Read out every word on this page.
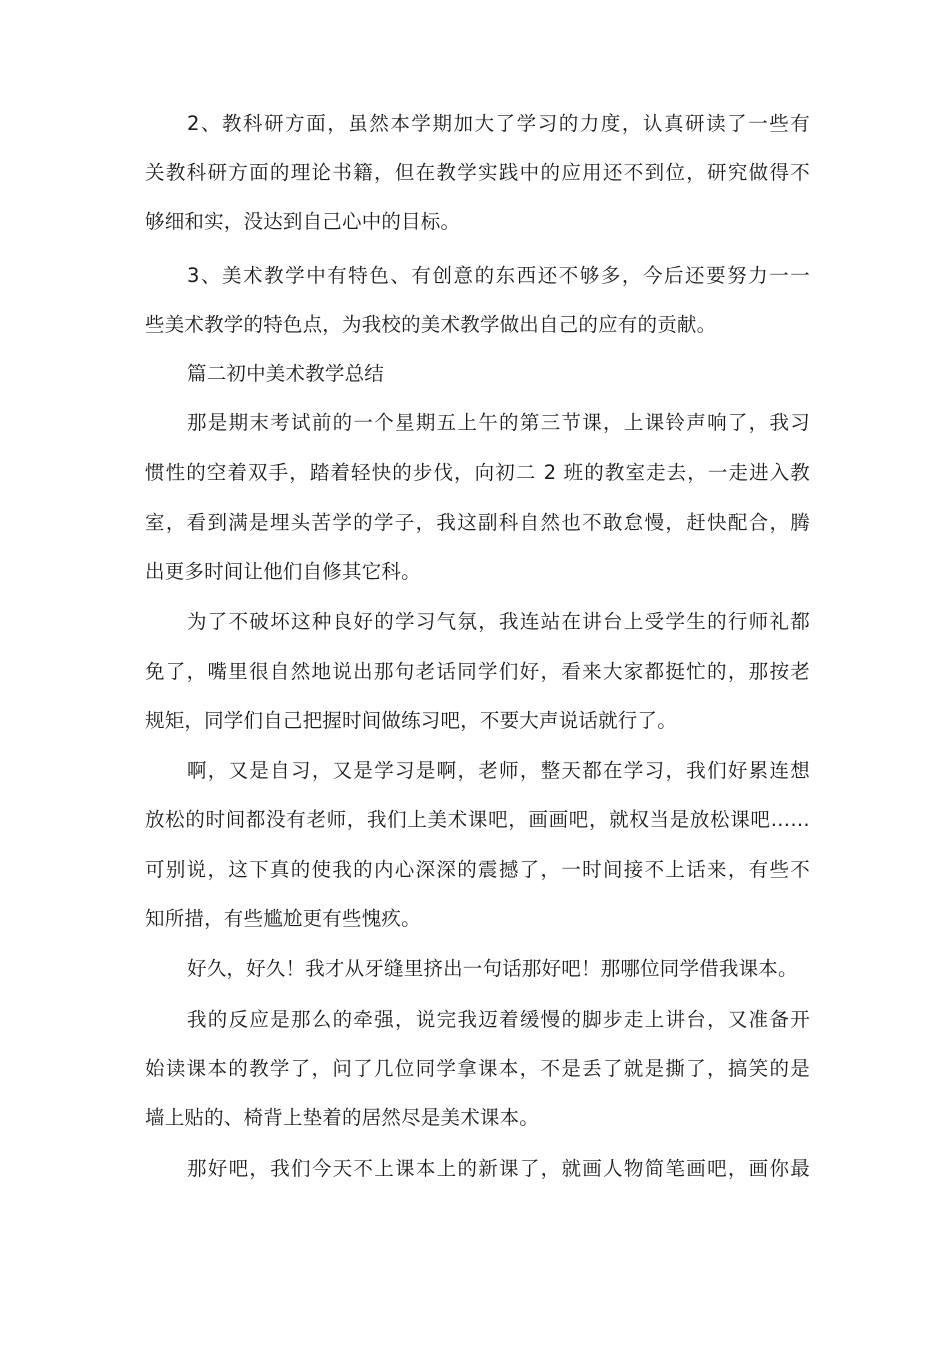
2、教科研方面，虽然本学期加大了学习的力度，认真研读了一些有
关教科研方面的理论书籍，但在教学实践中的应用还不到位，研究做得不
够细和实，没达到自己心中的目标。
3、美术教学中有特色、有创意的东西还不够多，今后还要努力一一
些美术教学的特色点，为我校的美术教学做出自己的应有的贡献。
篇二初中美术教学总结
那是期末考试前的一个星期五上午的第三节课，上课铃声响了，我习
惯性的空着双手，踏着轻快的步伐，向初二 2 班的教室走去，一走进入教
室，看到满是埋头苦学的学子，我这副科自然也不敢怠慢，赶快配合，腾
出更多时间让他们自修其它科。
为了不破坏这种良好的学习气氛，我连站在讲台上受学生的行师礼都
免了，嘴里很自然地说出那句老话同学们好，看来大家都挺忙的，那按老
规矩，同学们自己把握时间做练习吧，不要大声说话就行了。
啊，又是自习，又是学习是啊，老师，整天都在学习，我们好累连想
放松的时间都没有老师，我们上美术课吧，画画吧，就权当是放松课吧……
可别说，这下真的使我的内心深深的震撼了，一时间接不上话来，有些不
知所措，有些尴尬更有些愧疚。
好久，好久！我才从牙缝里挤出一句话那好吧！那哪位同学借我课本。
我的反应是那么的牵强，说完我迈着缓慢的脚步走上讲台，又准备开
始读课本的教学了，问了几位同学拿课本，不是丢了就是撕了，搞笑的是
墙上贴的、椅背上垫着的居然尽是美术课本。
那好吧，我们今天不上课本上的新课了，就画人物简笔画吧，画你最
